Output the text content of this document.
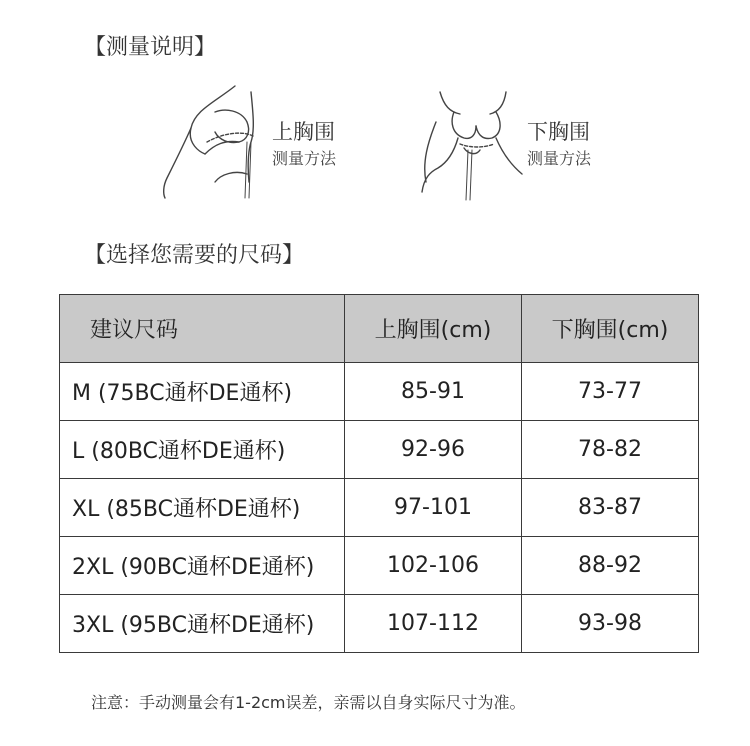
【测量说明】
上胸围
测量方法
下胸围
测量方法
【选择您需要的尺码】
建议尺码	上胸围(cm)	下胸围(cm)
M (75BC通杯DE通杯)	85-91	73-77
L (80BC通杯DE通杯)	92-96	78-82
XL (85BC通杯DE通杯)	97-101	83-87
2XL (90BC通杯DE通杯)	102-106	88-92
3XL (95BC通杯DE通杯)	107-112	93-98
注意：手动测量会有1-2cm误差，亲需以自身实际尺寸为准。
